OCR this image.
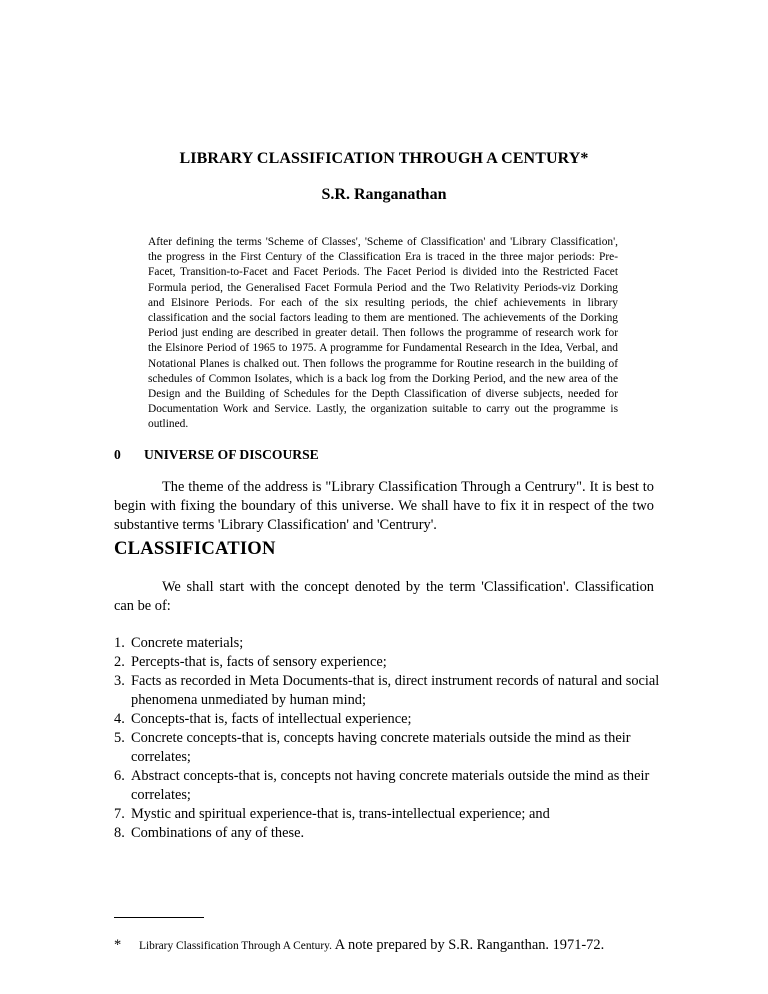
LIBRARY CLASSIFICATION THROUGH A CENTURY*
S.R. Ranganathan
After defining the terms 'Scheme of Classes', 'Scheme of Classification' and 'Library Classification', the progress in the First Century of the Classification Era is traced in the three major periods: Pre-Facet, Transition-to-Facet and Facet Periods. The Facet Period is divided into the Restricted Facet Formula period, the Generalised Facet Formula Period and the Two Relativity Periods-viz Dorking and Elsinore Periods. For each of the six resulting periods, the chief achievements in library classification and the social factors leading to them are mentioned. The achievements of the Dorking Period just ending are described in greater detail. Then follows the programme of research work for the Elsinore Period of 1965 to 1975. A programme for Fundamental Research in the Idea, Verbal, and Notational Planes is chalked out. Then follows the programme for Routine research in the building of schedules of Common Isolates, which is a back log from the Dorking Period, and the new area of the Design and the Building of Schedules for the Depth Classification of diverse subjects, needed for Documentation Work and Service. Lastly, the organization suitable to carry out the programme is outlined.
0 UNIVERSE OF DISCOURSE
The theme of the address is "Library Classification Through a Centrury". It is best to begin with fixing the boundary of this universe. We shall have to fix it in respect of the two substantive terms 'Library Classification' and 'Centrury'.
CLASSIFICATION
We shall start with the concept denoted by the term 'Classification'. Classification can be of:
1. Concrete materials;
2. Percepts-that is, facts of sensory experience;
3. Facts as recorded in Meta Documents-that is, direct instrument records of natural and social phenomena unmediated by human mind;
4. Concepts-that is, facts of intellectual experience;
5. Concrete concepts-that is, concepts having concrete materials outside the mind as their correlates;
6. Abstract concepts-that is, concepts not having concrete materials outside the mind as their correlates;
7. Mystic and spiritual experience-that is, trans-intellectual experience; and
8. Combinations of any of these.
* Library Classification Through A Century. A note prepared by S.R. Ranganthan. 1971-72.
